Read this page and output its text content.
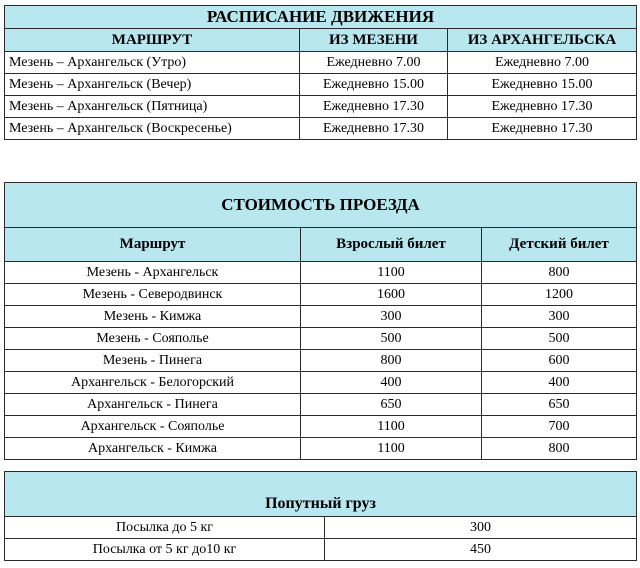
РАСПИСАНИЕ ДВИЖЕНИЯ		
МАРШРУТ	ИЗ МЕЗЕНИ	ИЗ АРХАНГЕЛЬСКА
Мезень – Архангельск (Утро)	Ежедневно 7.00	Ежедневно 7.00
Мезень – Архангельск (Вечер)	Ежедневно 15.00	Ежедневно 15.00
Мезень – Архангельск (Пятница)	Ежедневно 17.30	Ежедневно 17.30
Мезень – Архангельск (Воскресенье)	Ежедневно 17.30	Ежедневно 17.30
СТОИМОСТЬ ПРОЕЗДА		
Маршрут	Взрослый билет	Детский билет
Мезень - Архангельск	1100	800
Мезень - Северодвинск	1600	1200
Мезень - Кимжа	300	300
Мезень - Сояполье	500	500
Мезень - Пинега	800	600
Архангельск - Белогорский	400	400
Архангельск - Пинега	650	650
Архангельск - Сояполье	1100	700
Архангельск - Кимжа	1100	800

Попутный груз	
Посылка до 5 кг	300
Посылка от 5 кг до10 кг	450
